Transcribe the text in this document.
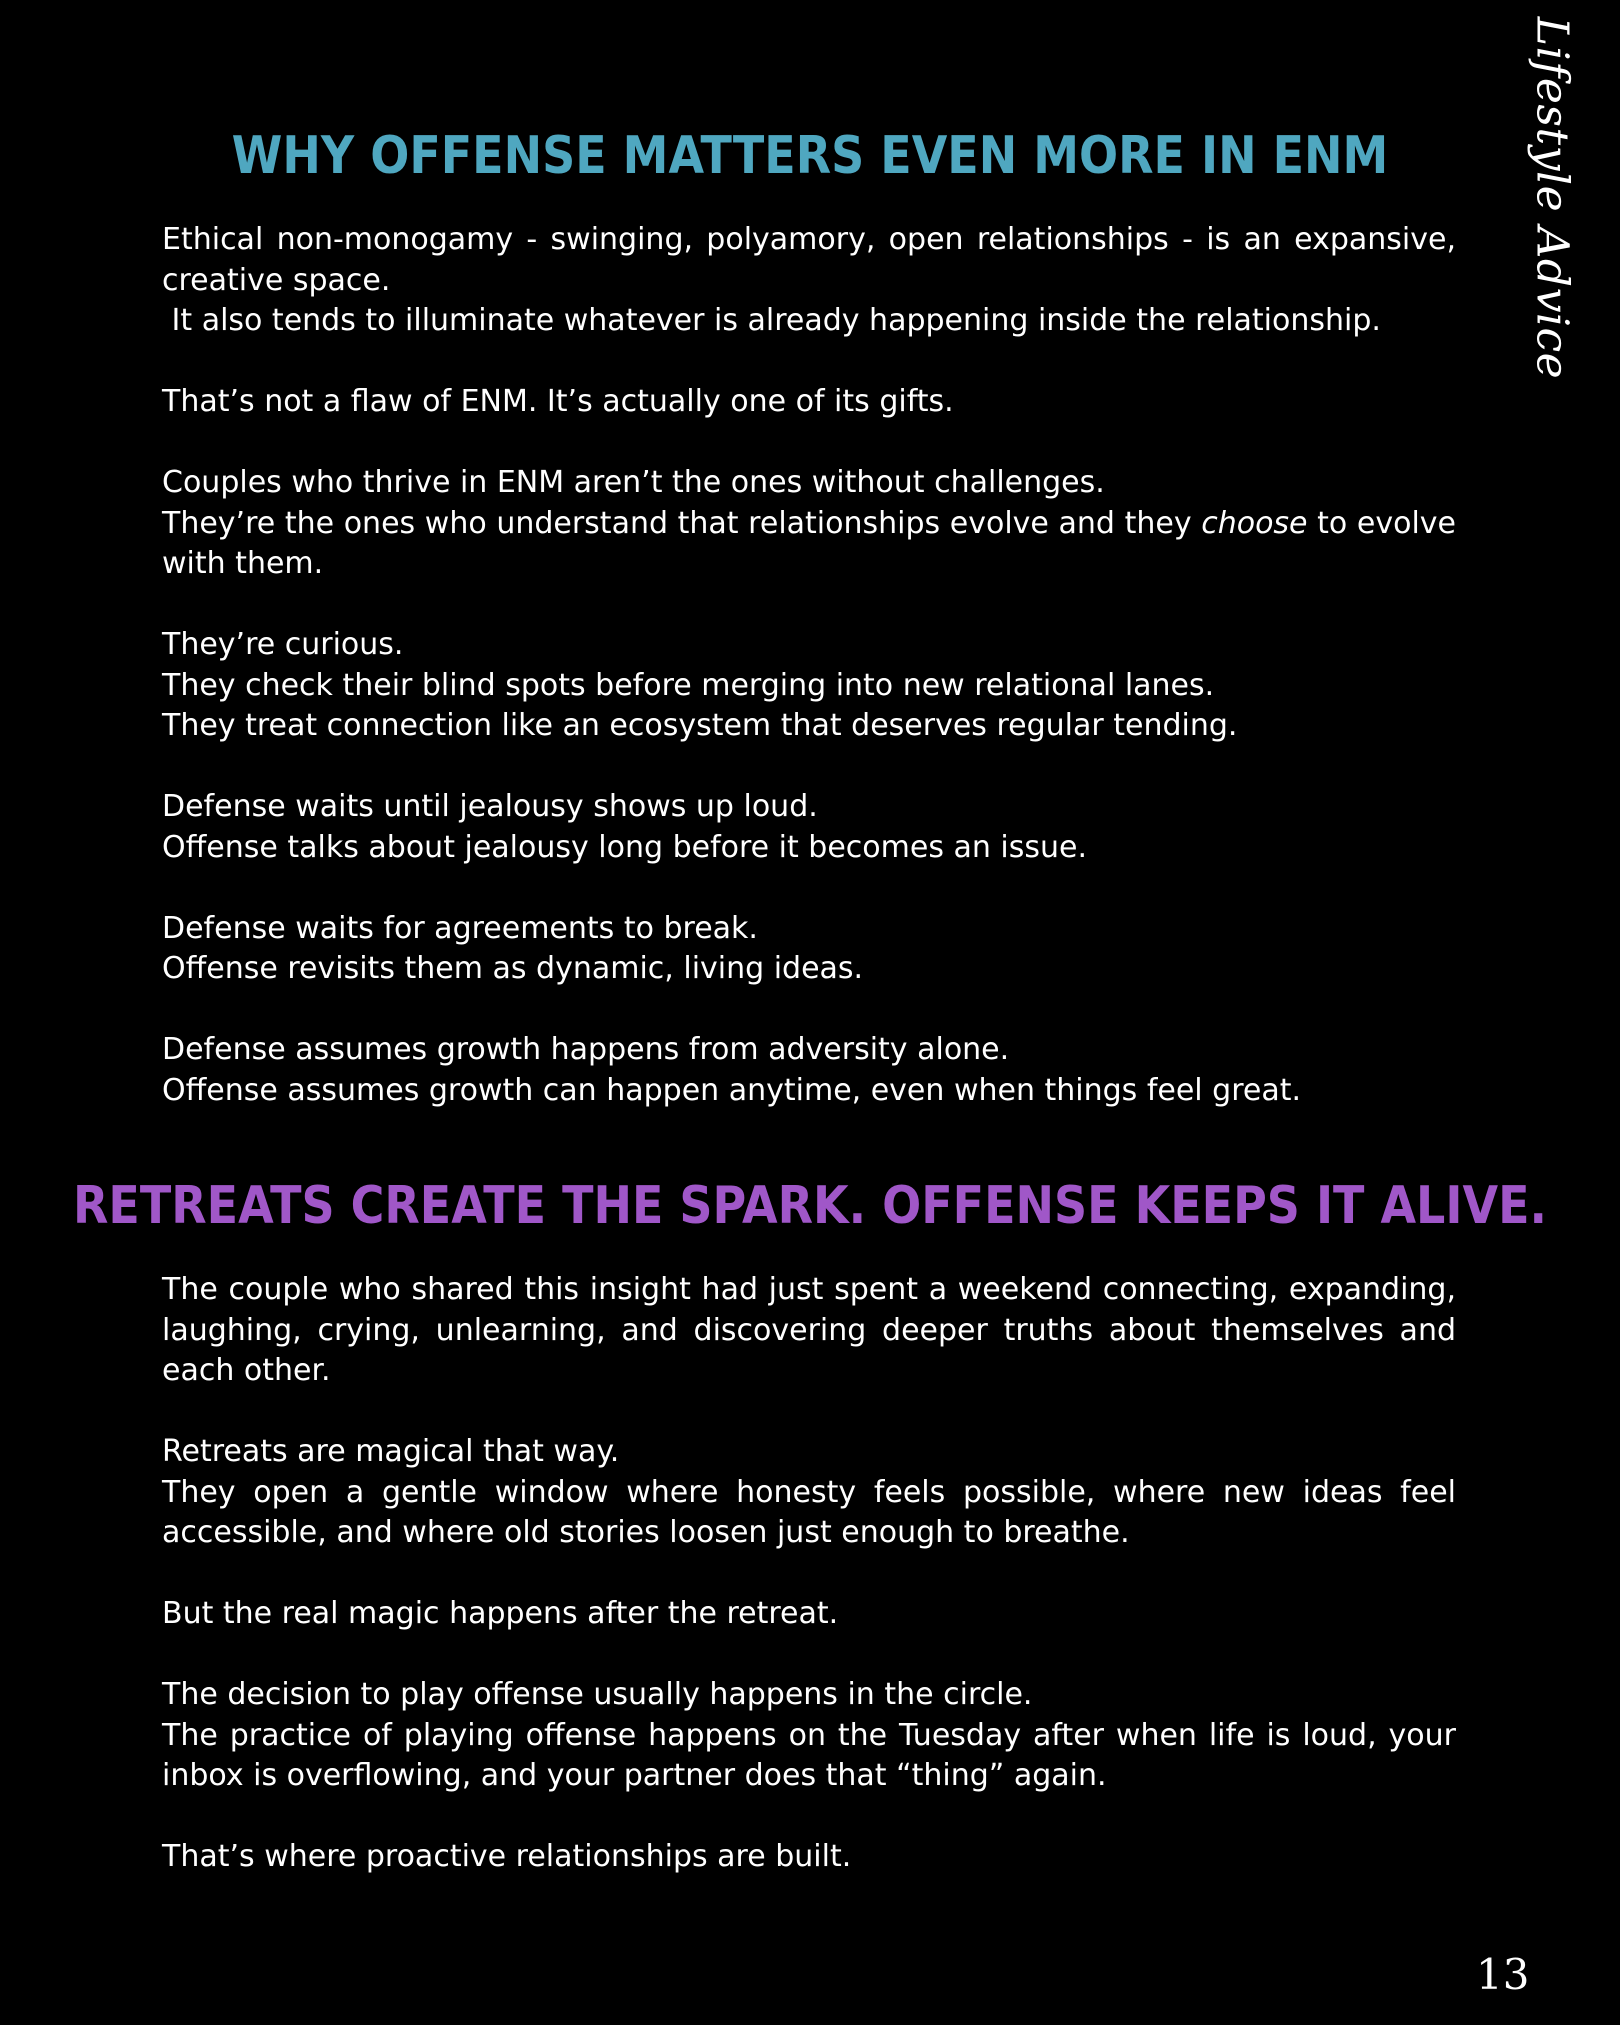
Lifestyle Advice
WHY OFFENSE MATTERS EVEN MORE IN ENM

Ethical non-monogamy - swinging, polyamory, open relationships - is an expansive, creative space.
It also tends to illuminate whatever is already happening inside the relationship.

That’s not a flaw of ENM. It’s actually one of its gifts.

Couples who thrive in ENM aren’t the ones without challenges.
They’re the ones who understand that relationships evolve and they choose to evolve with them.

They’re curious.
They check their blind spots before merging into new relational lanes.
They treat connection like an ecosystem that deserves regular tending.

Defense waits until jealousy shows up loud.
Offense talks about jealousy long before it becomes an issue.

Defense waits for agreements to break.
Offense revisits them as dynamic, living ideas.

Defense assumes growth happens from adversity alone.
Offense assumes growth can happen anytime, even when things feel great.

RETREATS CREATE THE SPARK. OFFENSE KEEPS IT ALIVE.

The couple who shared this insight had just spent a weekend connecting, expanding, laughing, crying, unlearning, and discovering deeper truths about themselves and each other.

Retreats are magical that way.
They open a gentle window where honesty feels possible, where new ideas feel accessible, and where old stories loosen just enough to breathe.

But the real magic happens after the retreat.

The decision to play offense usually happens in the circle.
The practice of playing offense happens on the Tuesday after when life is loud, your inbox is overflowing, and your partner does that “thing” again.

That’s where proactive relationships are built.

13
